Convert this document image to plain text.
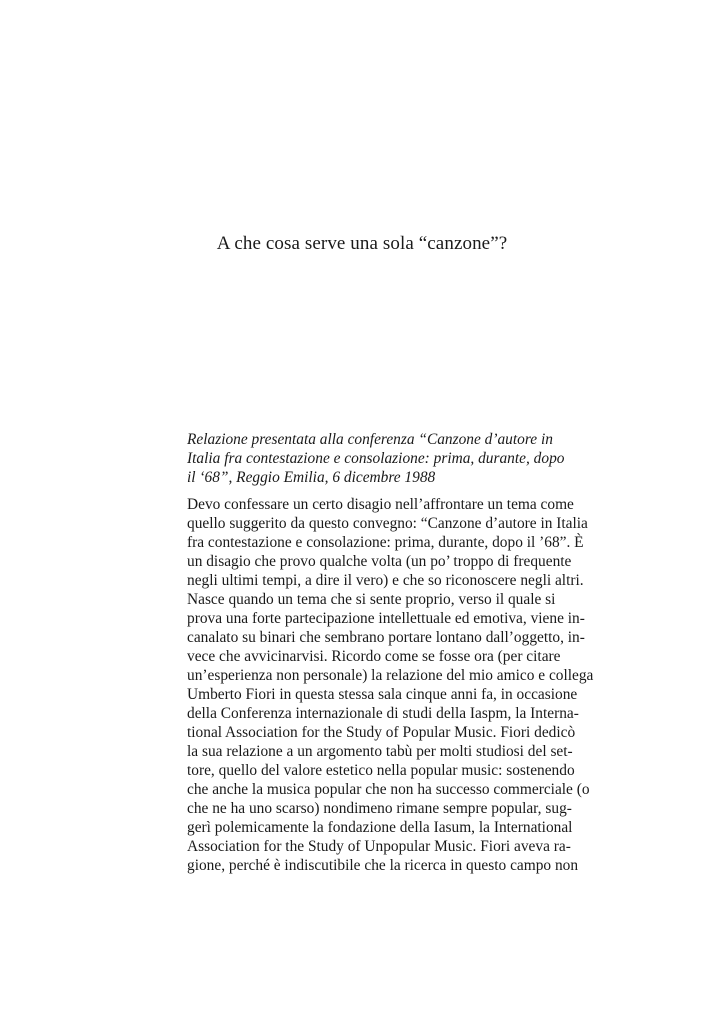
A che cosa serve una sola “canzone”?
Relazione presentata alla conferenza “Canzone d’autore in
Italia fra contestazione e consolazione: prima, durante, dopo
il ‘68”, Reggio Emilia, 6 dicembre 1988
Devo confessare un certo disagio nell’affrontare un tema come
quello suggerito da questo convegno: “Canzone d’autore in Italia
fra contestazione e consolazione: prima, durante, dopo il ’68”. È
un disagio che provo qualche volta (un po’ troppo di frequente
negli ultimi tempi, a dire il vero) e che so riconoscere negli altri.
Nasce quando un tema che si sente proprio, verso il quale si
prova una forte partecipazione intellettuale ed emotiva, viene in-
canalato su binari che sembrano portare lontano dall’oggetto, in-
vece che avvicinarvisi. Ricordo come se fosse ora (per citare
un’esperienza non personale) la relazione del mio amico e collega
Umberto Fiori in questa stessa sala cinque anni fa, in occasione
della Conferenza internazionale di studi della Iaspm, la Interna-
tional Association for the Study of Popular Music. Fiori dedicò
la sua relazione a un argomento tabù per molti studiosi del set-
tore, quello del valore estetico nella popular music: sostenendo
che anche la musica popular che non ha successo commerciale (o
che ne ha uno scarso) nondimeno rimane sempre popular, sug-
gerì polemicamente la fondazione della Iasum, la International
Association for the Study of Unpopular Music. Fiori aveva ra-
gione, perché è indiscutibile che la ricerca in questo campo non
